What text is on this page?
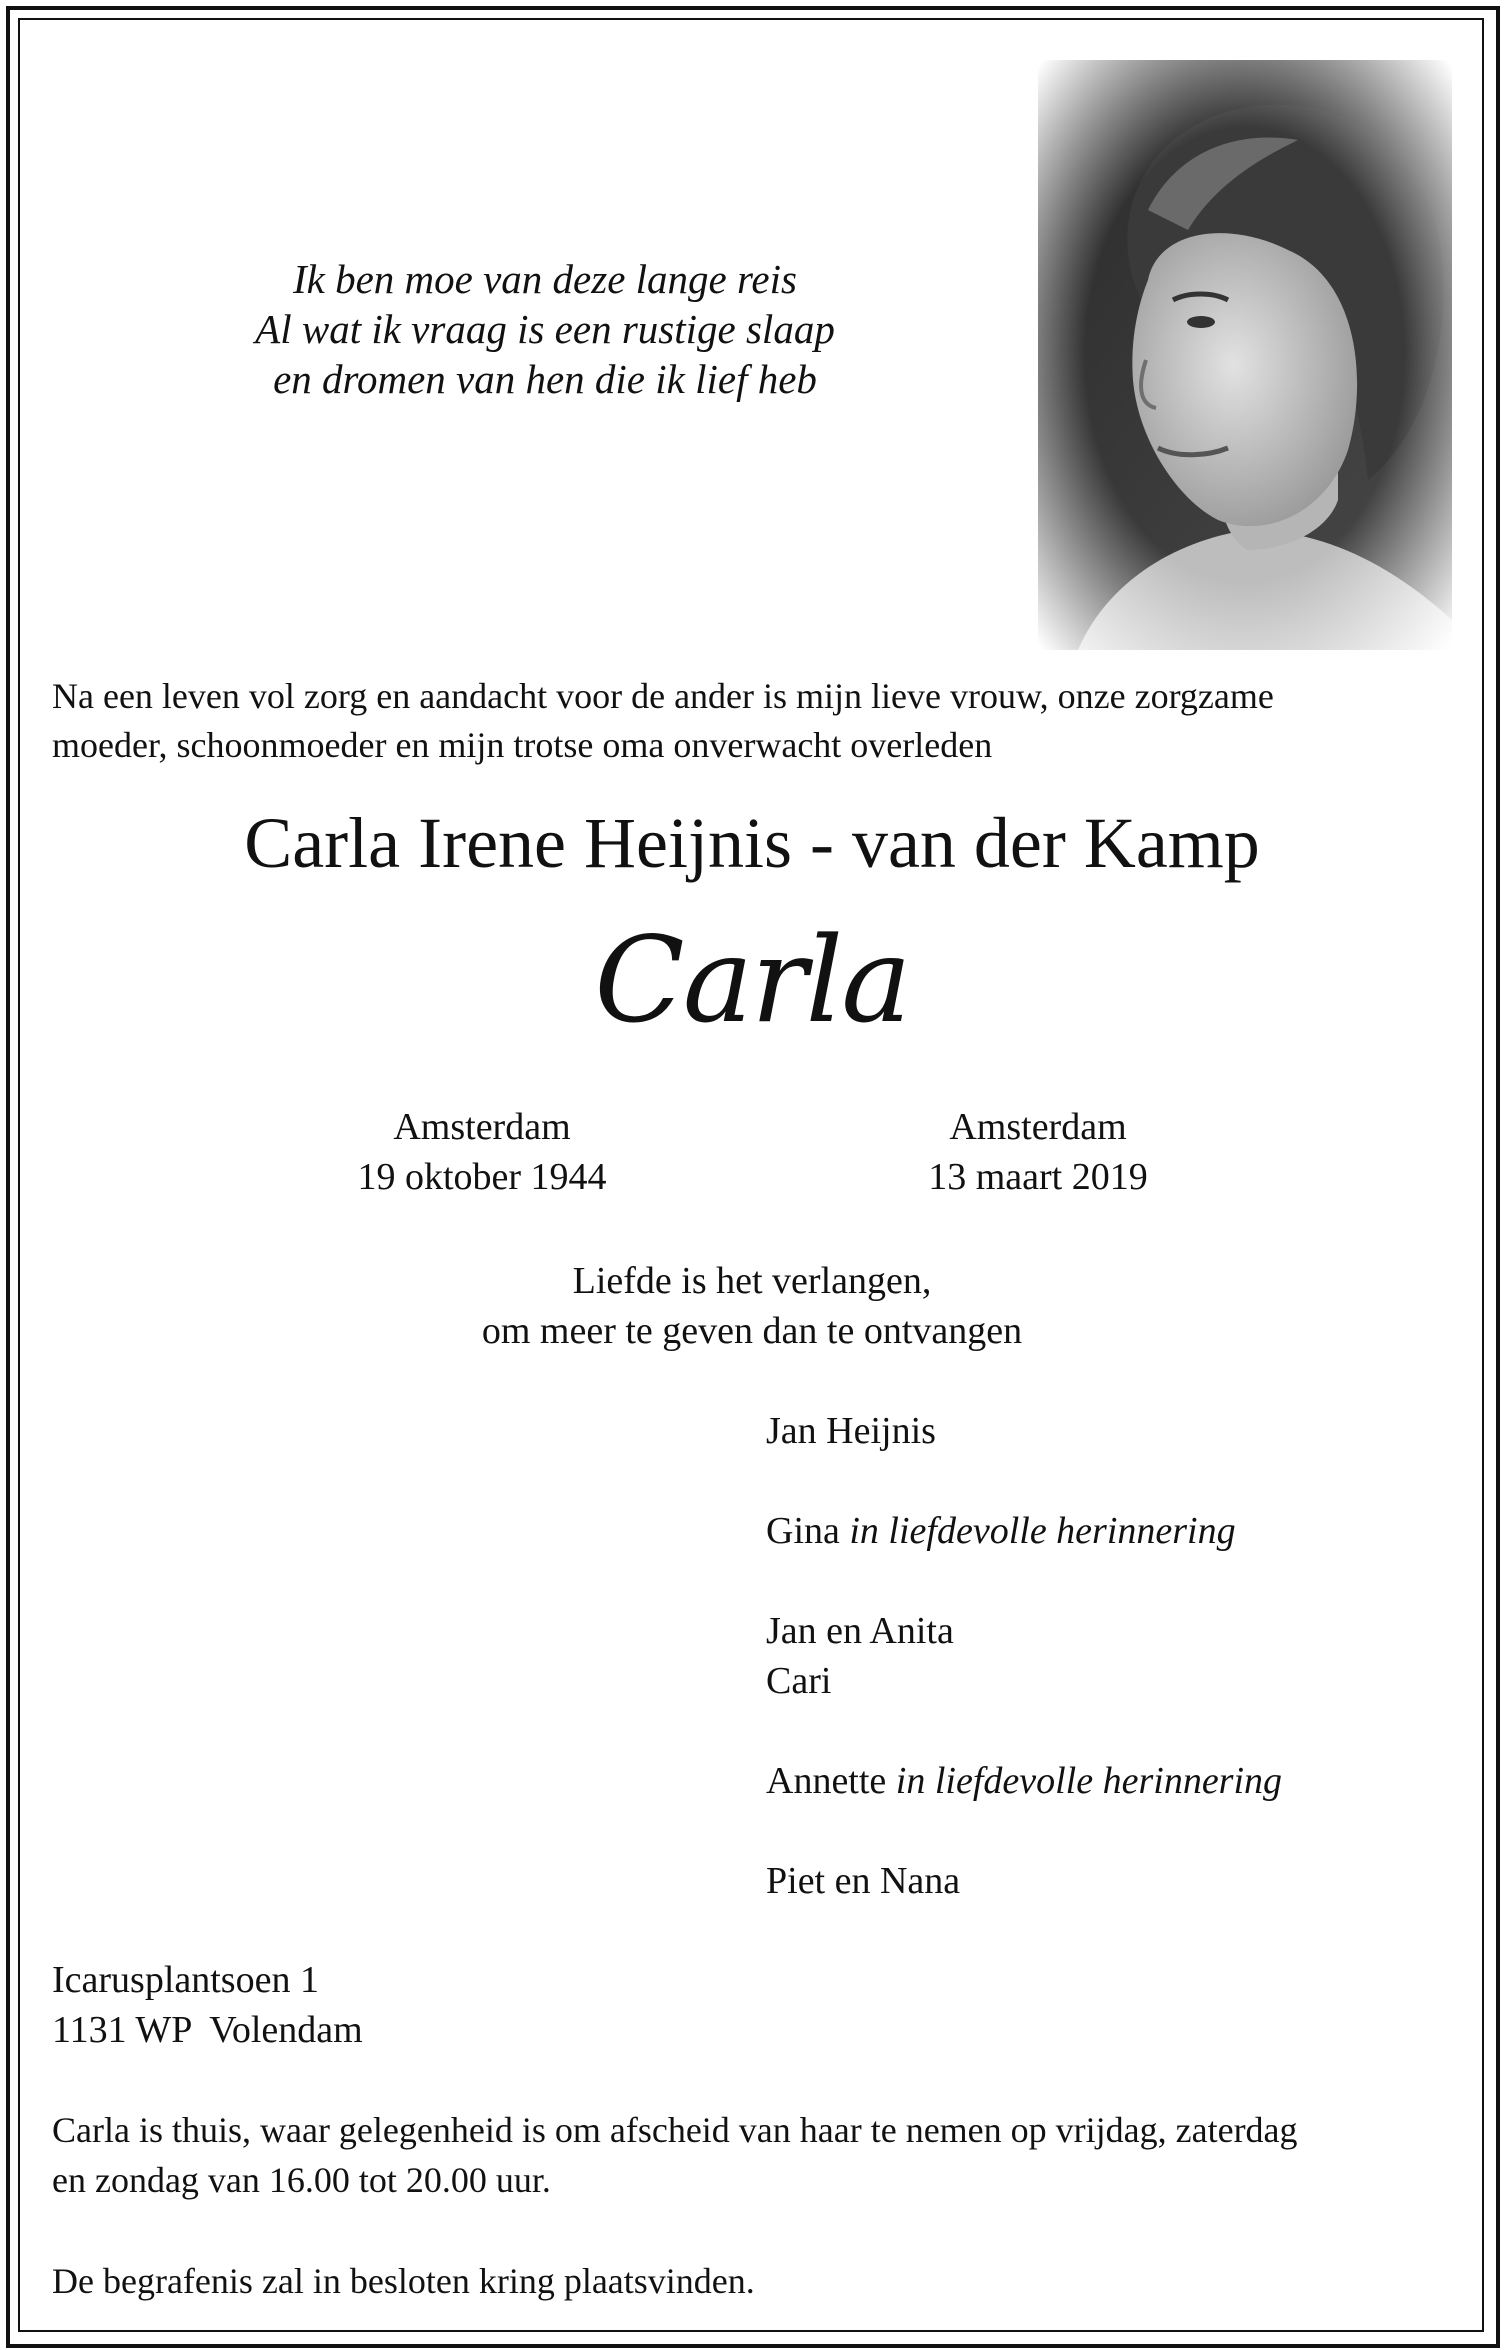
Ik ben moe van deze lange reis
Al wat ik vraag is een rustige slaap
en dromen van hen die ik lief heb
Na een leven vol zorg en aandacht voor de ander is mijn lieve vrouw, onze zorgzame
moeder, schoonmoeder en mijn trotse oma onverwacht overleden
Carla Irene Heijnis - van der Kamp
Carla
Amsterdam
19 oktober 1944
Amsterdam
13 maart 2019
Liefde is het verlangen,
om meer te geven dan te ontvangen
Jan Heijnis
Gina in liefdevolle herinnering
Jan en Anita
Cari
Annette in liefdevolle herinnering
Piet en Nana
Icarusplantsoen 1
1131 WP  Volendam
Carla is thuis, waar gelegenheid is om afscheid van haar te nemen op vrijdag, zaterdag
en zondag van 16.00 tot 20.00 uur.
De begrafenis zal in besloten kring plaatsvinden.
